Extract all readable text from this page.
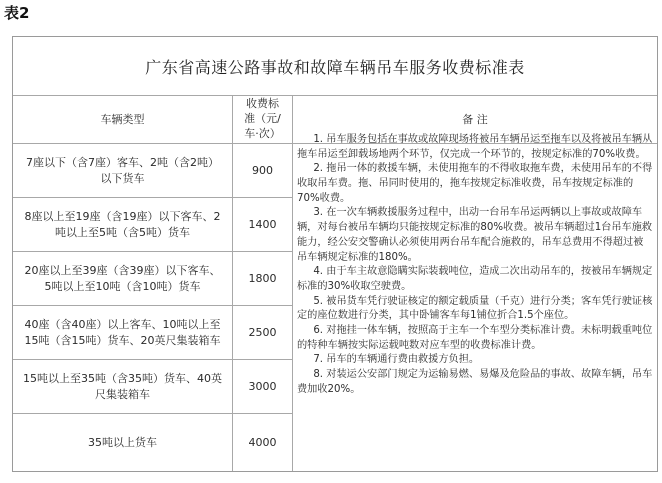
表2
广东省高速公路事故和故障车辆吊车服务收费标准表
车辆类型
收费标准（元/车·次）
备 注
7座以下（含7座）客车、2吨（含2吨）以下货车
900
8座以上至19座（含19座）以下客车、2吨以上至5吨（含5吨）货车
1400
20座以上至39座（含39座）以下客车、5吨以上至10吨（含10吨）货车
1800
40座（含40座）以上客车、10吨以上至15吨（含15吨）货车、20英尺集装箱车
2500
15吨以上至35吨（含35吨）货车、40英尺集装箱车
3000
35吨以上货车	4000

1. 吊车服务包括在事故或故障现场将被吊车辆吊运至拖车以及将被吊车辆从拖车吊运至卸载场地两个环节，仅完成一个环节的，按规定标准的70%收费。

2. 拖吊一体的救援车辆，未使用拖车的不得收取拖车费，未使用吊车的不得收取吊车费。拖、吊同时使用的，拖车按规定标准收费，吊车按规定标准的70%收费。

3. 在一次车辆救援服务过程中，出动一台吊车吊运两辆以上事故或故障车辆，对每台被吊车辆均只能按规定标准的80%收费。被吊车辆超过1台吊车施救能力，经公安交警确认必须使用两台吊车配合施救的，吊车总费用不得超过被吊车辆规定标准的180%。

4. 由于车主故意隐瞒实际装载吨位，造成二次出动吊车的，按被吊车辆规定标准的30%收取空驶费。

5. 被吊货车凭行驶证核定的额定载质量（千克）进行分类；客车凭行驶证核定的座位数进行分类，其中卧铺客车每1铺位折合1.5个座位。

6. 对拖挂一体车辆，按照高于主车一个车型分类标准计费。未标明载重吨位的特种车辆按实际运载吨数对应车型的收费标准计费。

7. 吊车的车辆通行费由救援方负担。

8. 对装运公安部门规定为运输易燃、易爆及危险品的事故、故障车辆，吊车费加收20%。
